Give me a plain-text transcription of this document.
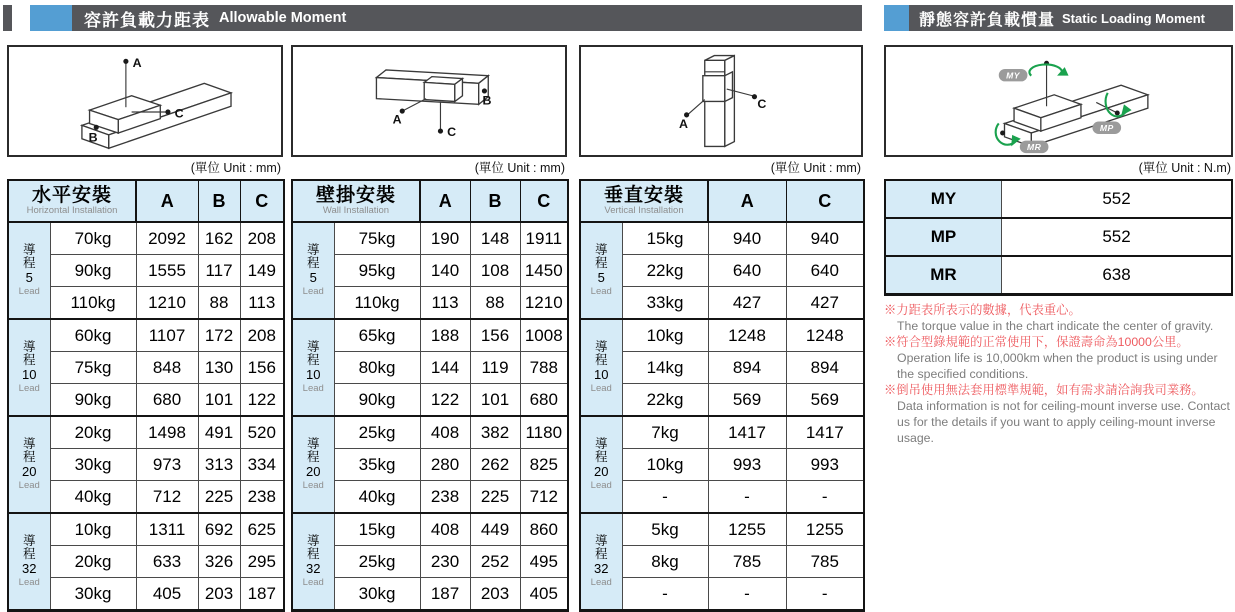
容許負載力距表 Allowable Moment	靜態容許負載慣量 Static Loading Moment
A
C
B
(單位 Unit : mm)
水平安裝
Horizontal Installation		A	B	C

導
程
5
Lead	70kg	2092	162	208
	90kg	1555	117	149
	110kg	1210	88	113

導
程
10
Lead	60kg	1107	172	208
	75kg	848	130	156
	90kg	680	101	122

導
程
20
Lead	20kg	1498	491	520
	30kg	973	313	334
	40kg	712	225	238

導
程
32
Lead	10kg	1311	692	625
	20kg	633	326	295
	30kg	405	203	187
A
C
B
(單位 Unit : mm)
壁掛安裝
Wall Installation		A	B	C

導
程
5
Lead	75kg	190	148	1911
	95kg	140	108	1450
	110kg	113	88	1210

導
程
10
Lead	65kg	188	156	1008
	80kg	144	119	788
	90kg	122	101	680

導
程
20
Lead	25kg	408	382	1180
	35kg	280	262	825
	40kg	238	225	712

導
程
32
Lead	15kg	408	449	860
	25kg	230	252	495
	30kg	187	203	405
A
C
(單位 Unit : mm)
垂直安裝
Vertical Installation		A	C

導
程
5
Lead	15kg	940	940
	22kg	640	640
	33kg	427	427

導
程
10
Lead	10kg	1248	1248
	14kg	894	894
	22kg	569	569

導
程
20
Lead	7kg	1417	1417
	10kg	993	993
	-	-	-

導
程
32
Lead	5kg	1255	1255
	8kg	785	785
	-	-	-
MY
MP
MR
(單位 Unit : N.m)
MY	552
MP	552
MR	638
※力距表所表示的數據，代表重心。
The torque value in the chart indicate the center of gravity.
※符合型錄規範的正常使用下，保證壽命為10000公里。
Operation life is 10,000km when the product is using under the specified conditions.
※倒吊使用無法套用標準規範，如有需求請洽詢我司業務。
Data information is not for ceiling-mount inverse use. Contact us for the details if you want to apply ceiling-mount inverse usage.
